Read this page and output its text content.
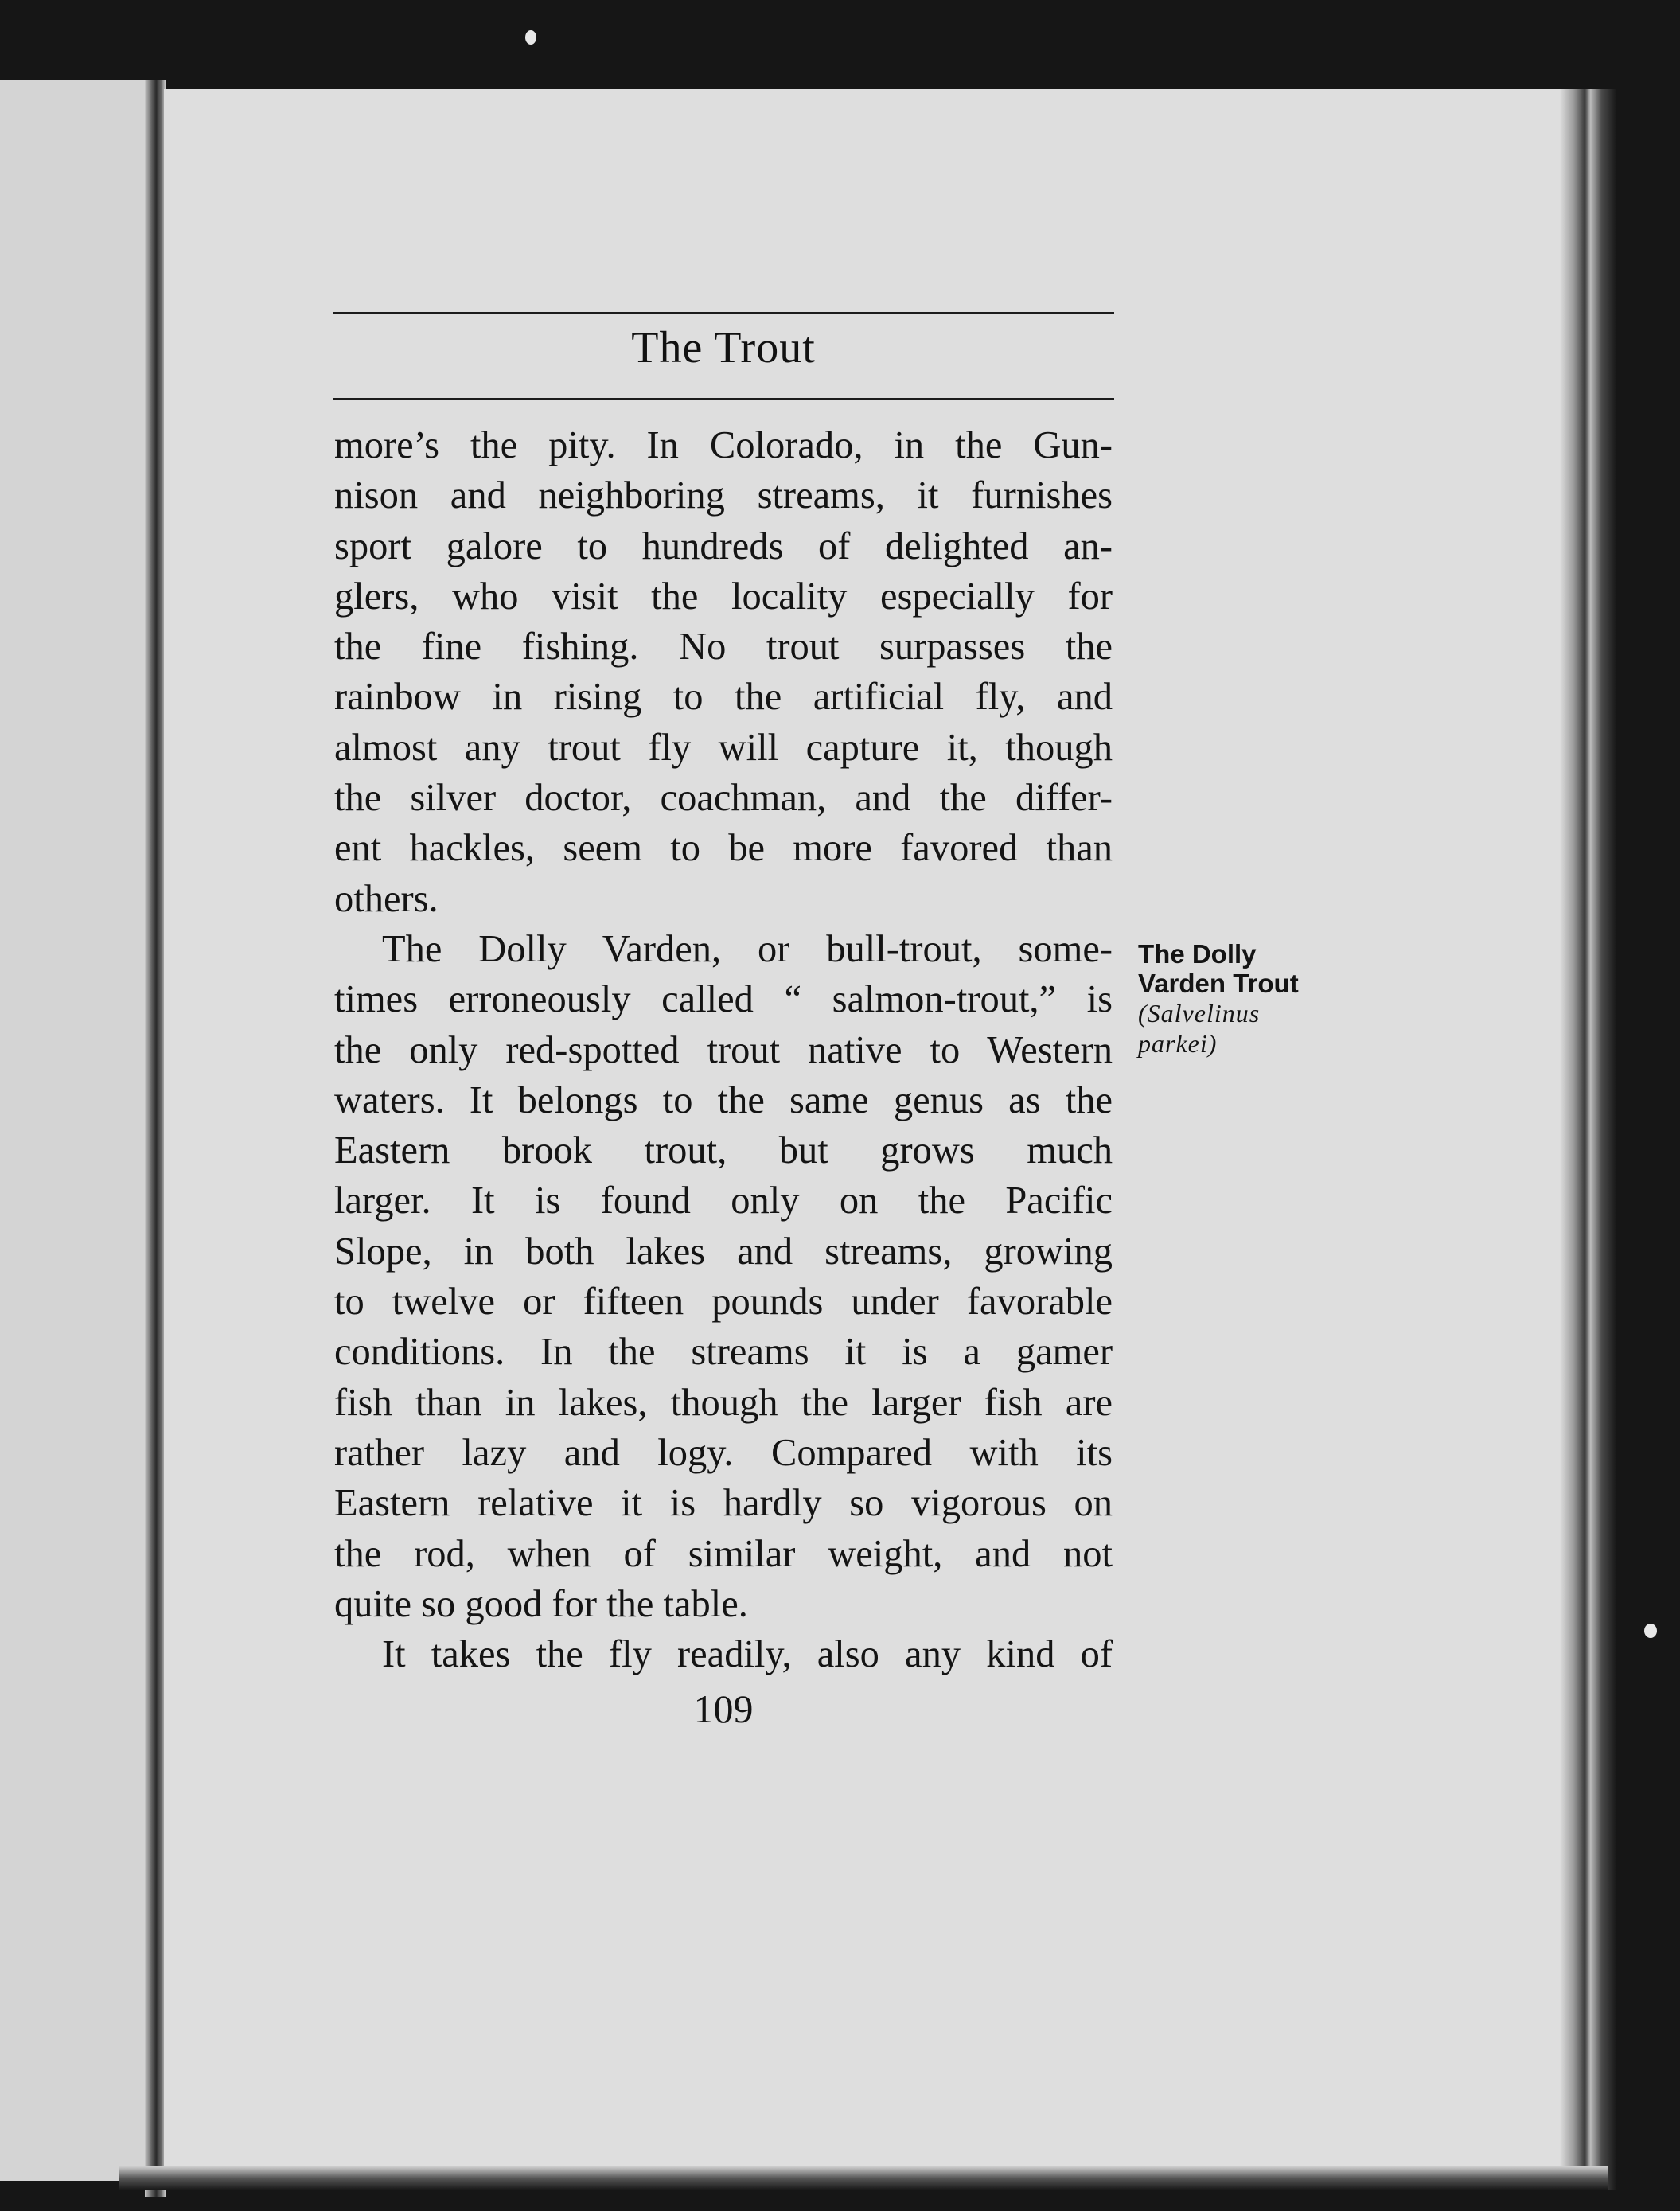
The Trout
more’s the pity. In Colorado, in the Gun-
nison and neighboring streams, it furnishes
sport galore to hundreds of delighted an-
glers, who visit the locality especially for
the fine fishing. No trout surpasses the
rainbow in rising to the artificial fly, and
almost any trout fly will capture it, though
the silver doctor, coachman, and the differ-
ent hackles, seem to be more favored than
others.
The Dolly Varden, or bull-trout, some-
times erroneously called “ salmon-trout,” is
the only red-spotted trout native to Western
waters. It belongs to the same genus as the
Eastern brook trout, but grows much
larger. It is found only on the Pacific
Slope, in both lakes and streams, growing
to twelve or fifteen pounds under favorable
conditions. In the streams it is a gamer
fish than in lakes, though the larger fish are
rather lazy and logy. Compared with its
Eastern relative it is hardly so vigorous on
the rod, when of similar weight, and not
quite so good for the table.
It takes the fly readily, also any kind of
The Dolly
Varden Trout
(Salvelinus
parkei)
109
